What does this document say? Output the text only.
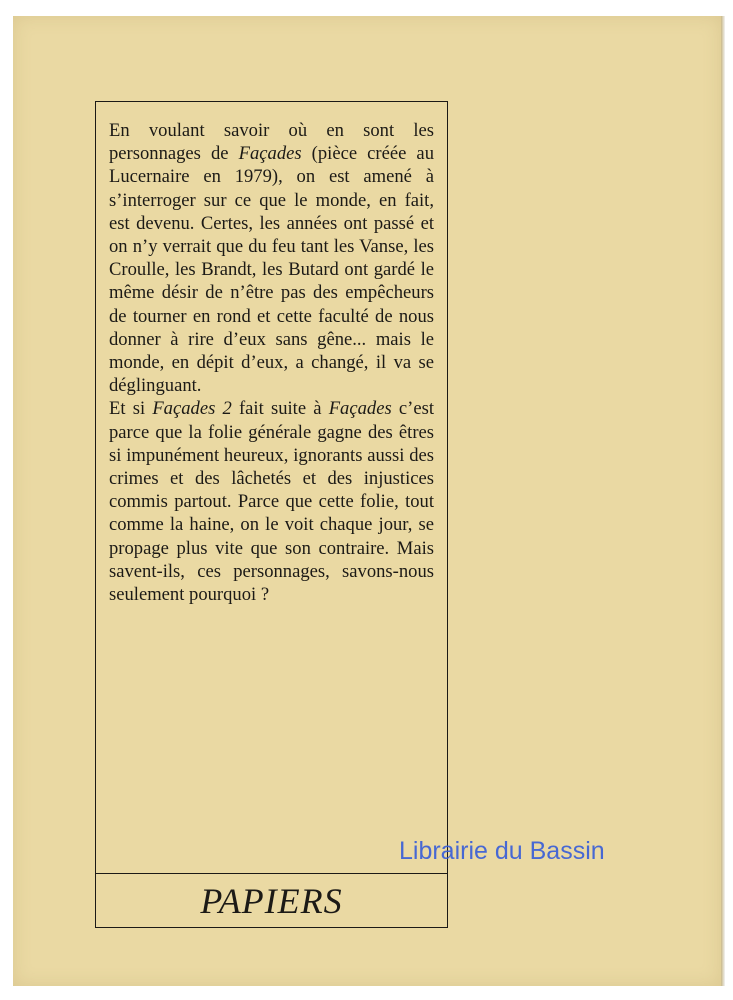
En voulant savoir où en sont les personnages de Façades (pièce créée au Lucernaire en 1979), on est amené à s’interroger sur ce que le monde, en fait, est devenu. Certes, les années ont passé et on n’y verrait que du feu tant les Vanse, les Croulle, les Brandt, les Butard ont gardé le même désir de n’être pas des empêcheurs de tourner en rond et cette faculté de nous donner à rire d’eux sans gêne... mais le monde, en dépit d’eux, a changé, il va se déglinguant.

Et si Façades 2 fait suite à Façades c’est parce que la folie générale gagne des êtres si impunément heureux, ignorants aussi des crimes et des lâchetés et des injustices commis partout. Parce que cette folie, tout comme la haine, on le voit chaque jour, se propage plus vite que son contraire. Mais savent-ils, ces personnages, savons-nous seulement pourquoi ?

PAPIERS
Librairie du Bassin
